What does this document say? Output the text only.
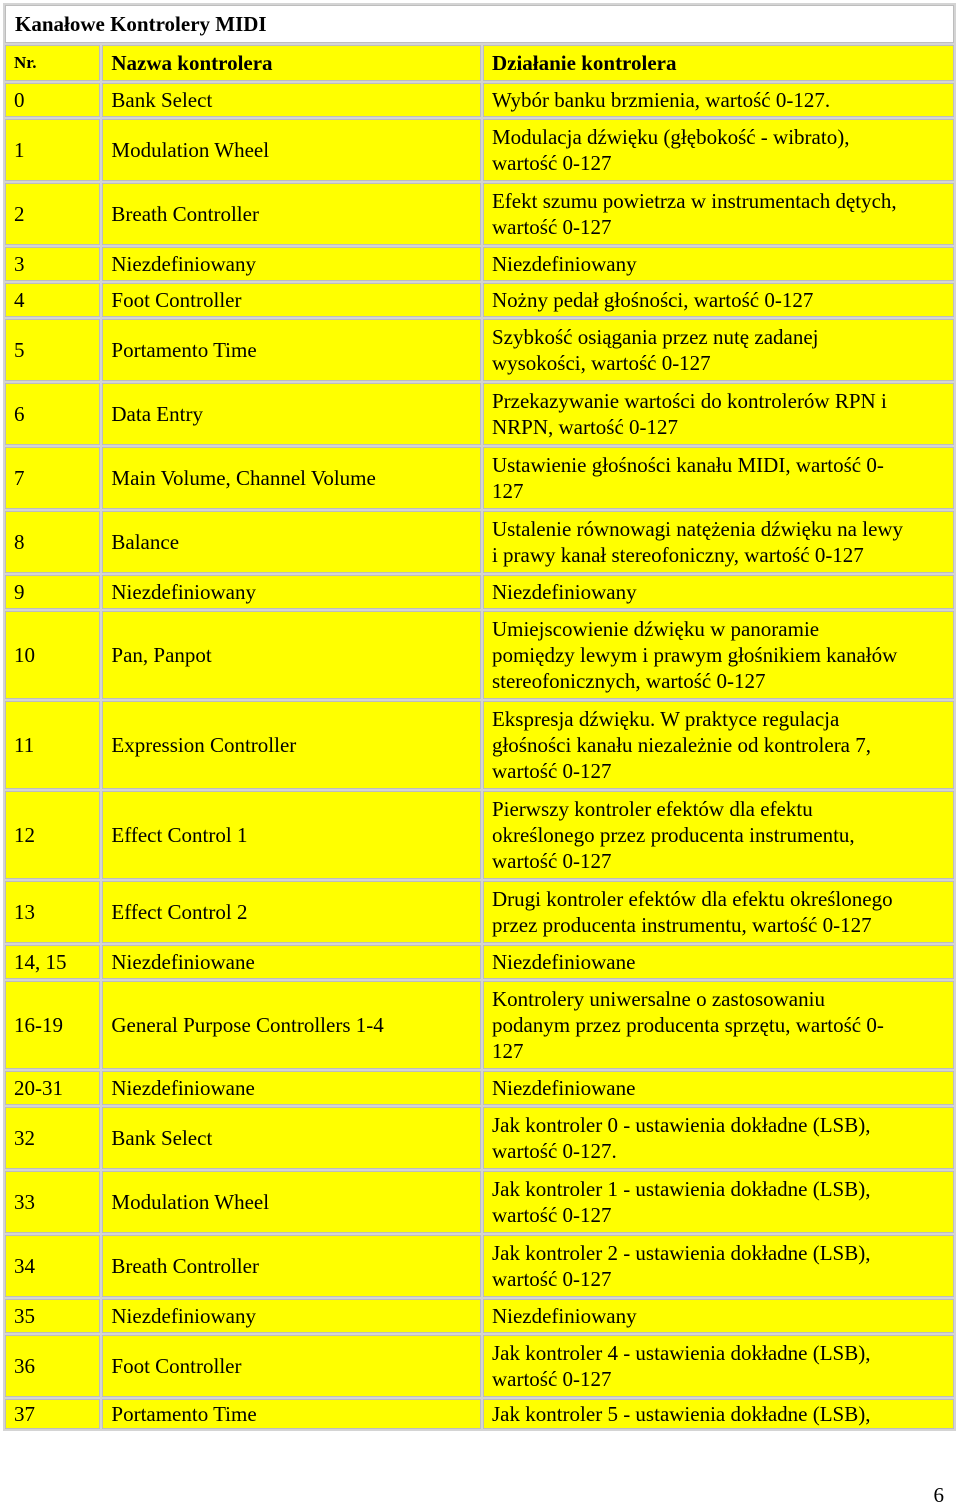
Kanałowe Kontrolery MIDI		
Nr.	Nazwa kontrolera	Działanie kontrolera
0	Bank Select	Wybór banku brzmienia, wartość 0-127.

1	Modulation Wheel	Modulacja dźwięku (głębokość - wibrato),
wartość 0-127

2	Breath Controller	Efekt szumu powietrza w instrumentach dętych,
wartość 0-127

3	Niezdefiniowany	Niezdefiniowany

4	Foot Controller	Nożny pedał głośności, wartość 0-127

5	Portamento Time	Szybkość osiągania przez nutę zadanej
wysokości, wartość 0-127

6	Data Entry	Przekazywanie wartości do kontrolerów RPN i
NRPN, wartość 0-127

7	Main Volume, Channel Volume	Ustawienie głośności kanału MIDI, wartość 0-
127

8	Balance	Ustalenie równowagi natężenia dźwięku na lewy
i prawy kanał stereofoniczny, wartość 0-127

9	Niezdefiniowany	Niezdefiniowany

10	Pan, Panpot	Umiejscowienie dźwięku w panoramie
pomiędzy lewym i prawym głośnikiem kanałów
stereofonicznych, wartość 0-127

11	Expression Controller	Ekspresja dźwięku. W praktyce regulacja
głośności kanału niezależnie od kontrolera 7,
wartość 0-127

12	Effect Control 1	Pierwszy kontroler efektów dla efektu
określonego przez producenta instrumentu,
wartość 0-127

13	Effect Control 2	Drugi kontroler efektów dla efektu określonego
przez producenta instrumentu, wartość 0-127

14, 15	Niezdefiniowane	Niezdefiniowane

16-19	General Purpose Controllers 1-4	Kontrolery uniwersalne o zastosowaniu
podanym przez producenta sprzętu, wartość 0-
127

20-31	Niezdefiniowane	Niezdefiniowane

32	Bank Select	Jak kontroler 0 - ustawienia dokładne (LSB),
wartość 0-127.

33	Modulation Wheel	Jak kontroler 1 - ustawienia dokładne (LSB),
wartość 0-127

34	Breath Controller	Jak kontroler 2 - ustawienia dokładne (LSB),
wartość 0-127

35	Niezdefiniowany	Niezdefiniowany

36	Foot Controller	Jak kontroler 4 - ustawienia dokładne (LSB),
wartość 0-127

37	Portamento Time	Jak kontroler 5 - ustawienia dokładne (LSB),
6
